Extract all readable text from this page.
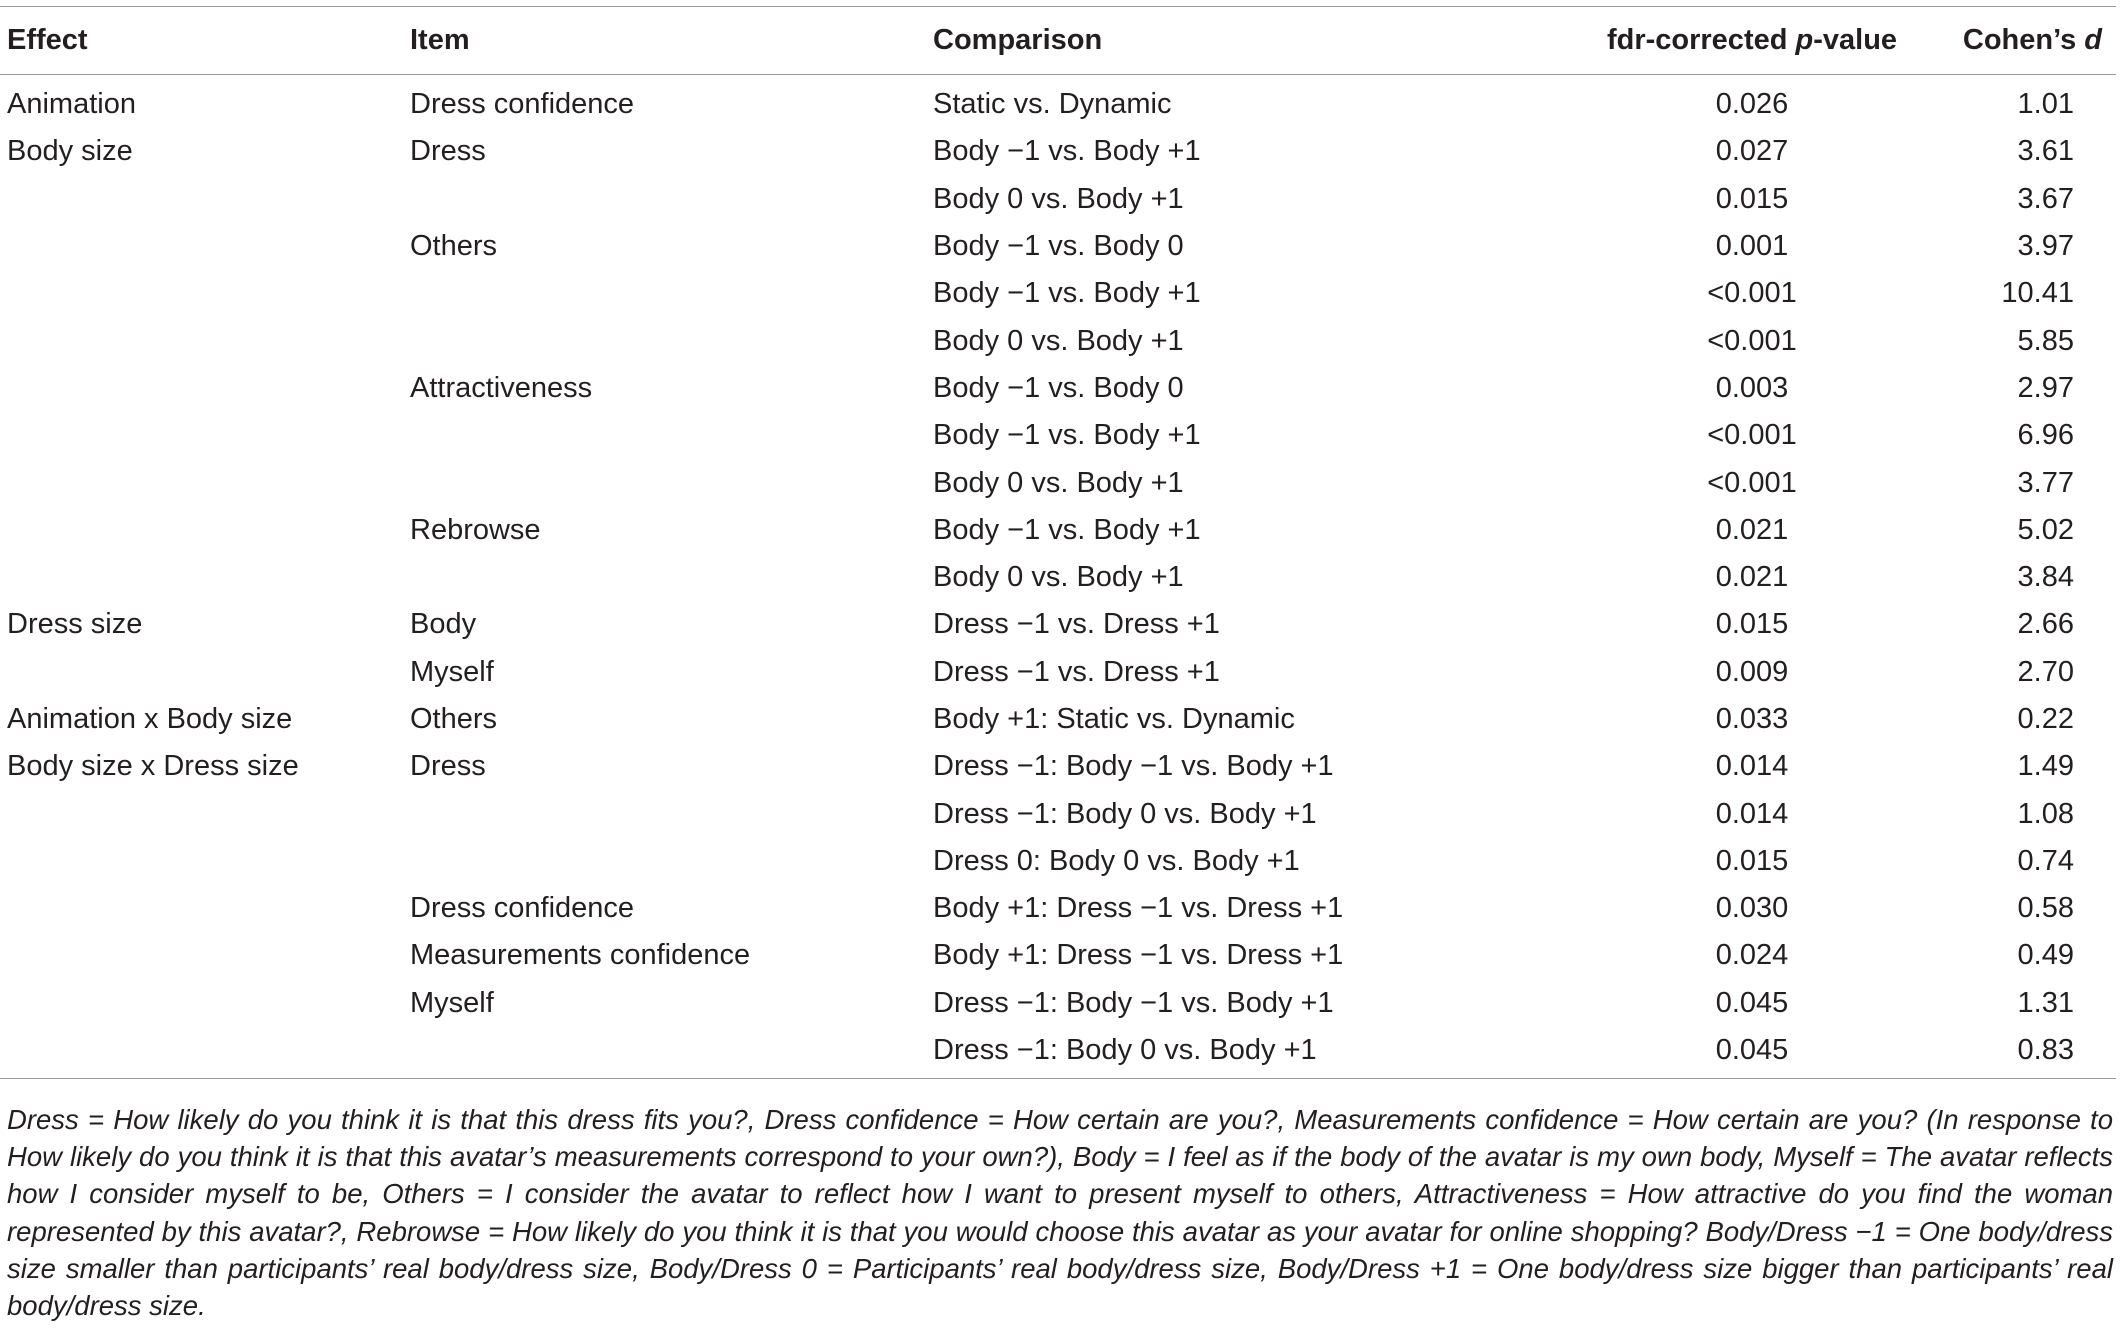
Effect	Item	Comparison	fdr-corrected p-value	Cohen’s d
Animation	Dress confidence	Static vs. Dynamic	0.026	1.01
Body size	Dress	Body −1 vs. Body +1	0.027	3.61
		Body 0 vs. Body +1	0.015	3.67
	Others	Body −1 vs. Body 0	0.001	3.97
		Body −1 vs. Body +1	<0.001	10.41
		Body 0 vs. Body +1	<0.001	5.85
	Attractiveness	Body −1 vs. Body 0	0.003	2.97
		Body −1 vs. Body +1	<0.001	6.96
		Body 0 vs. Body +1	<0.001	3.77
	Rebrowse	Body −1 vs. Body +1	0.021	5.02
		Body 0 vs. Body +1	0.021	3.84
Dress size	Body	Dress −1 vs. Dress +1	0.015	2.66
	Myself	Dress −1 vs. Dress +1	0.009	2.70
Animation x Body size	Others	Body +1: Static vs. Dynamic	0.033	0.22
Body size x Dress size	Dress	Dress −1: Body −1 vs. Body +1	0.014	1.49
		Dress −1: Body 0 vs. Body +1	0.014	1.08
		Dress 0: Body 0 vs. Body +1	0.015	0.74
	Dress confidence	Body +1: Dress −1 vs. Dress +1	0.030	0.58
	Measurements confidence	Body +1: Dress −1 vs. Dress +1	0.024	0.49
	Myself	Dress −1: Body −1 vs. Body +1	0.045	1.31
		Dress −1: Body 0 vs. Body +1	0.045	0.83
Dress = How likely do you think it is that this dress fits you?, Dress confidence = How certain are you?, Measurements confidence = How certain are you? (In response to How likely do you think it is that this avatar’s measurements correspond to your own?), Body = I feel as if the body of the avatar is my own body, Myself = The avatar reflects how I consider myself to be, Others = I consider the avatar to reflect how I want to present myself to others, Attractiveness = How attractive do you find the woman represented by this avatar?, Rebrowse = How likely do you think it is that you would choose this avatar as your avatar for online shopping? Body/Dress −1 = One body/dress size smaller than participants’ real body/dress size, Body/Dress 0 = Participants’ real body/dress size, Body/Dress +1 = One body/dress size bigger than participants’ real body/dress size.
